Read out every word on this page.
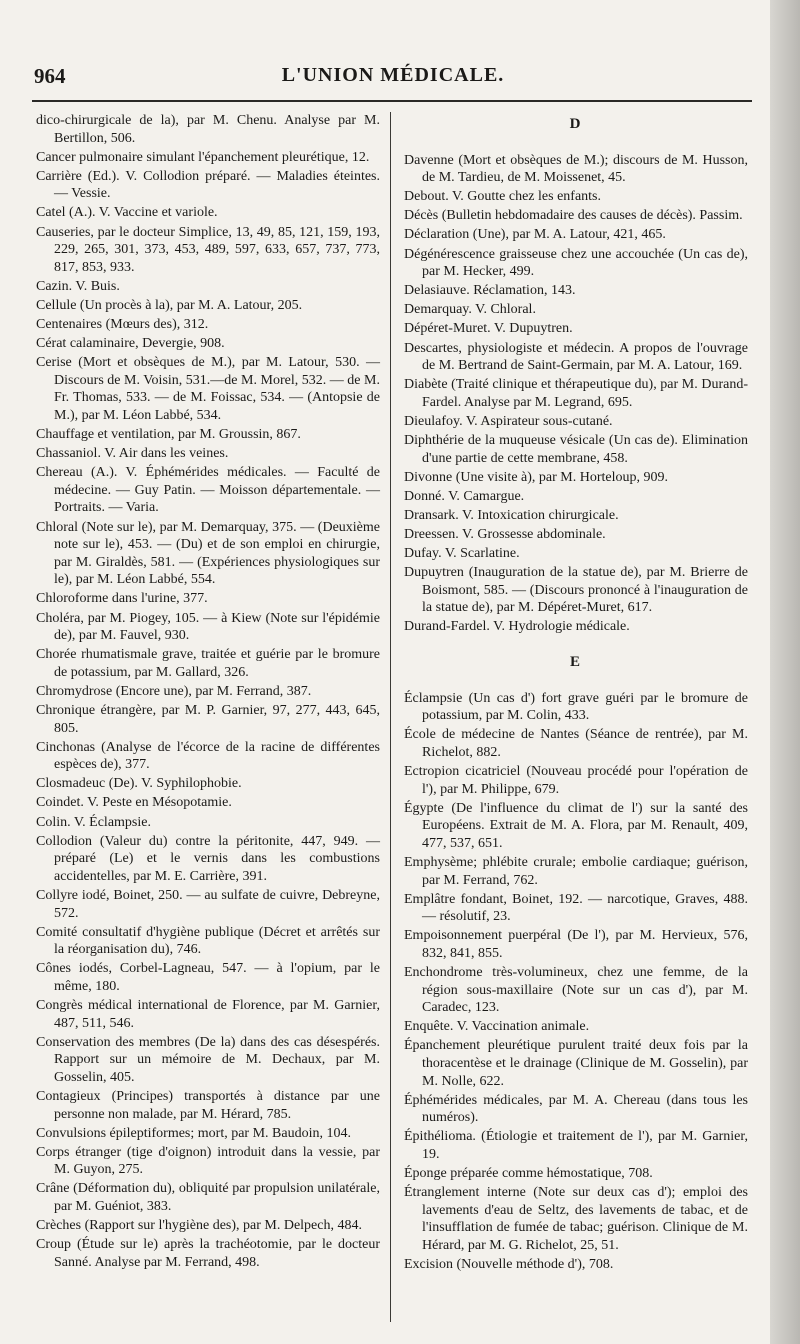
964	L'UNION MÉDICALE.
dico-chirurgicale de la), par M. Chenu. Analyse par M. Bertillon, 506.
Cancer pulmonaire simulant l'épanchement pleurétique, 12.
Carrière (Ed.). V. Collodion préparé. — Maladies éteintes. — Vessie.
Catel (A.). V. Vaccine et variole.
Causeries, par le docteur Simplice, 13, 49, 85, 121, 159, 193, 229, 265, 301, 373, 453, 489, 597, 633, 657, 737, 773, 817, 853, 933.
Cazin. V. Buis.
Cellule (Un procès à la), par M. A. Latour, 205.
Centenaires (Mœurs des), 312.
Cérat calaminaire, Devergie, 908.
Cerise (Mort et obsèques de M.), par M. Latour, 530. — Discours de M. Voisin, 531.—de M. Morel, 532. — de M. Fr. Thomas, 533. — de M. Foissac, 534. — (Antopsie de M.), par M. Léon Labbé, 534.
Chauffage et ventilation, par M. Groussin, 867.
Chassaniol. V. Air dans les veines.
Chereau (A.). V. Éphémérides médicales. — Faculté de médecine. — Guy Patin. — Moisson départementale. — Portraits. — Varia.
Chloral (Note sur le), par M. Demarquay, 375. — (Deuxième note sur le), 453. — (Du) et de son emploi en chirurgie, par M. Giraldès, 581. — (Expériences physiologiques sur le), par M. Léon Labbé, 554.
Chloroforme dans l'urine, 377.
Choléra, par M. Piogey, 105. — à Kiew (Note sur l'épidémie de), par M. Fauvel, 930.
Chorée rhumatismale grave, traitée et guérie par le bromure de potassium, par M. Gallard, 326.
Chromydrose (Encore une), par M. Ferrand, 387.
Chronique étrangère, par M. P. Garnier, 97, 277, 443, 645, 805.
Cinchonas (Analyse de l'écorce de la racine de différentes espèces de), 377.
Closmadeuc (De). V. Syphilophobie.
Coindet. V. Peste en Mésopotamie.
Colin. V. Éclampsie.
Collodion (Valeur du) contre la péritonite, 447, 949. — préparé (Le) et le vernis dans les combustions accidentelles, par M. E. Carrière, 391.
Collyre iodé, Boinet, 250. — au sulfate de cuivre, Debreyne, 572.
Comité consultatif d'hygiène publique (Décret et arrêtés sur la réorganisation du), 746.
Cônes iodés, Corbel-Lagneau, 547. — à l'opium, par le même, 180.
Congrès médical international de Florence, par M. Garnier, 487, 511, 546.
Conservation des membres (De la) dans des cas désespérés. Rapport sur un mémoire de M. Dechaux, par M. Gosselin, 405.
Contagieux (Principes) transportés à distance par une personne non malade, par M. Hérard, 785.
Convulsions épileptiformes; mort, par M. Baudoin, 104.
Corps étranger (tige d'oignon) introduit dans la vessie, par M. Guyon, 275.
Crâne (Déformation du), obliquité par propulsion unilatérale, par M. Guéniot, 383.
Crèches (Rapport sur l'hygiène des), par M. Delpech, 484.
Croup (Étude sur le) après la trachéotomie, par le docteur Sanné. Analyse par M. Ferrand, 498.
D
Davenne (Mort et obsèques de M.); discours de M. Husson, de M. Tardieu, de M. Moissenet, 45.
Debout. V. Goutte chez les enfants.
Décès (Bulletin hebdomadaire des causes de décès). Passim.
Déclaration (Une), par M. A. Latour, 421, 465.
Dégénérescence graisseuse chez une accouchée (Un cas de), par M. Hecker, 499.
Delasiauve. Réclamation, 143.
Demarquay. V. Chloral.
Dépéret-Muret. V. Dupuytren.
Descartes, physiologiste et médecin. A propos de l'ouvrage de M. Bertrand de Saint-Germain, par M. A. Latour, 169.
Diabète (Traité clinique et thérapeutique du), par M. Durand-Fardel. Analyse par M. Legrand, 695.
Dieulafoy. V. Aspirateur sous-cutané.
Diphthérie de la muqueuse vésicale (Un cas de). Elimination d'une partie de cette membrane, 458.
Divonne (Une visite à), par M. Horteloup, 909.
Donné. V. Camargue.
Dransark. V. Intoxication chirurgicale.
Dreessen. V. Grossesse abdominale.
Dufay. V. Scarlatine.
Dupuytren (Inauguration de la statue de), par M. Brierre de Boismont, 585. — (Discours prononcé à l'inauguration de la statue de), par M. Dépéret-Muret, 617.
Durand-Fardel. V. Hydrologie médicale.
E
Éclampsie (Un cas d') fort grave guéri par le bromure de potassium, par M. Colin, 433.
École de médecine de Nantes (Séance de rentrée), par M. Richelot, 882.
Ectropion cicatriciel (Nouveau procédé pour l'opération de l'), par M. Philippe, 679.
Égypte (De l'influence du climat de l') sur la santé des Européens. Extrait de M. A. Flora, par M. Renault, 409, 477, 537, 651.
Emphysème; phlébite crurale; embolie cardiaque; guérison, par M. Ferrand, 762.
Emplâtre fondant, Boinet, 192. — narcotique, Graves, 488. — résolutif, 23.
Empoisonnement puerpéral (De l'), par M. Hervieux, 576, 832, 841, 855.
Enchondrome très-volumineux, chez une femme, de la région sous-maxillaire (Note sur un cas d'), par M. Caradec, 123.
Enquête. V. Vaccination animale.
Épanchement pleurétique purulent traité deux fois par la thoracentèse et le drainage (Clinique de M. Gosselin), par M. Nolle, 622.
Éphémérides médicales, par M. A. Chereau (dans tous les numéros).
Épithélioma. (Étiologie et traitement de l'), par M. Garnier, 19.
Éponge préparée comme hémostatique, 708.
Étranglement interne (Note sur deux cas d'); emploi des lavements d'eau de Seltz, des lavements de tabac, et de l'insufflation de fumée de tabac; guérison. Clinique de M. Hérard, par M. G. Richelot, 25, 51.
Excision (Nouvelle méthode d'), 708.
